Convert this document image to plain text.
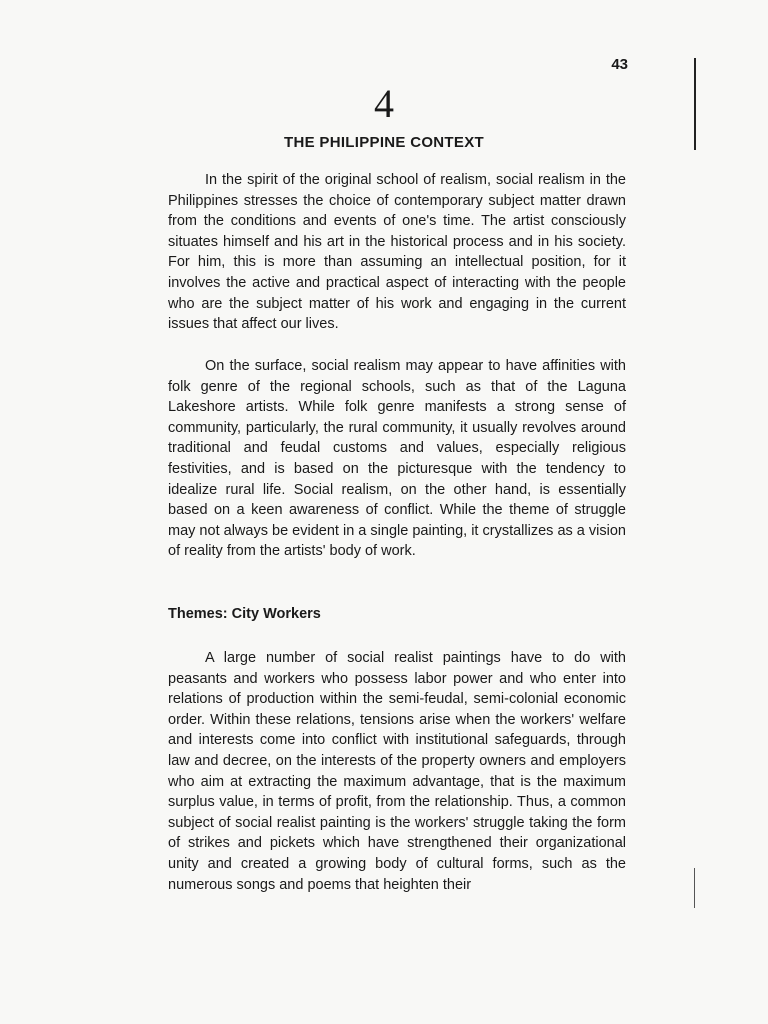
43
4
THE PHILIPPINE CONTEXT

In the spirit of the original school of realism, social realism in the Philippines stresses the choice of contemporary subject matter drawn from the conditions and events of one's time. The artist consciously situates himself and his art in the historical process and in his society. For him, this is more than assuming an intellectual position, for it involves the active and practical aspect of interacting with the people who are the subject matter of his work and engaging in the current issues that affect our lives.

On the surface, social realism may appear to have affinities with folk genre of the regional schools, such as that of the Laguna Lakeshore artists. While folk genre manifests a strong sense of community, particularly, the rural community, it usually revolves around traditional and feudal customs and values, especially religious festivities, and is based on the picturesque with the tendency to idealize rural life. Social realism, on the other hand, is essentially based on a keen awareness of conflict. While the theme of struggle may not always be evident in a single painting, it crystallizes as a vision of reality from the artists' body of work.

Themes: City Workers

A large number of social realist paintings have to do with peasants and workers who possess labor power and who enter into relations of production within the semi-feudal, semi-colonial economic order. Within these relations, tensions arise when the workers' welfare and interests come into conflict with institutional safeguards, through law and decree, on the interests of the property owners and employers who aim at extracting the maximum advantage, that is the maximum surplus value, in terms of profit, from the relationship. Thus, a common subject of social realist painting is the workers' struggle taking the form of strikes and pickets which have strengthened their organizational unity and created a growing body of cultural forms, such as the numerous songs and poems that heighten their
